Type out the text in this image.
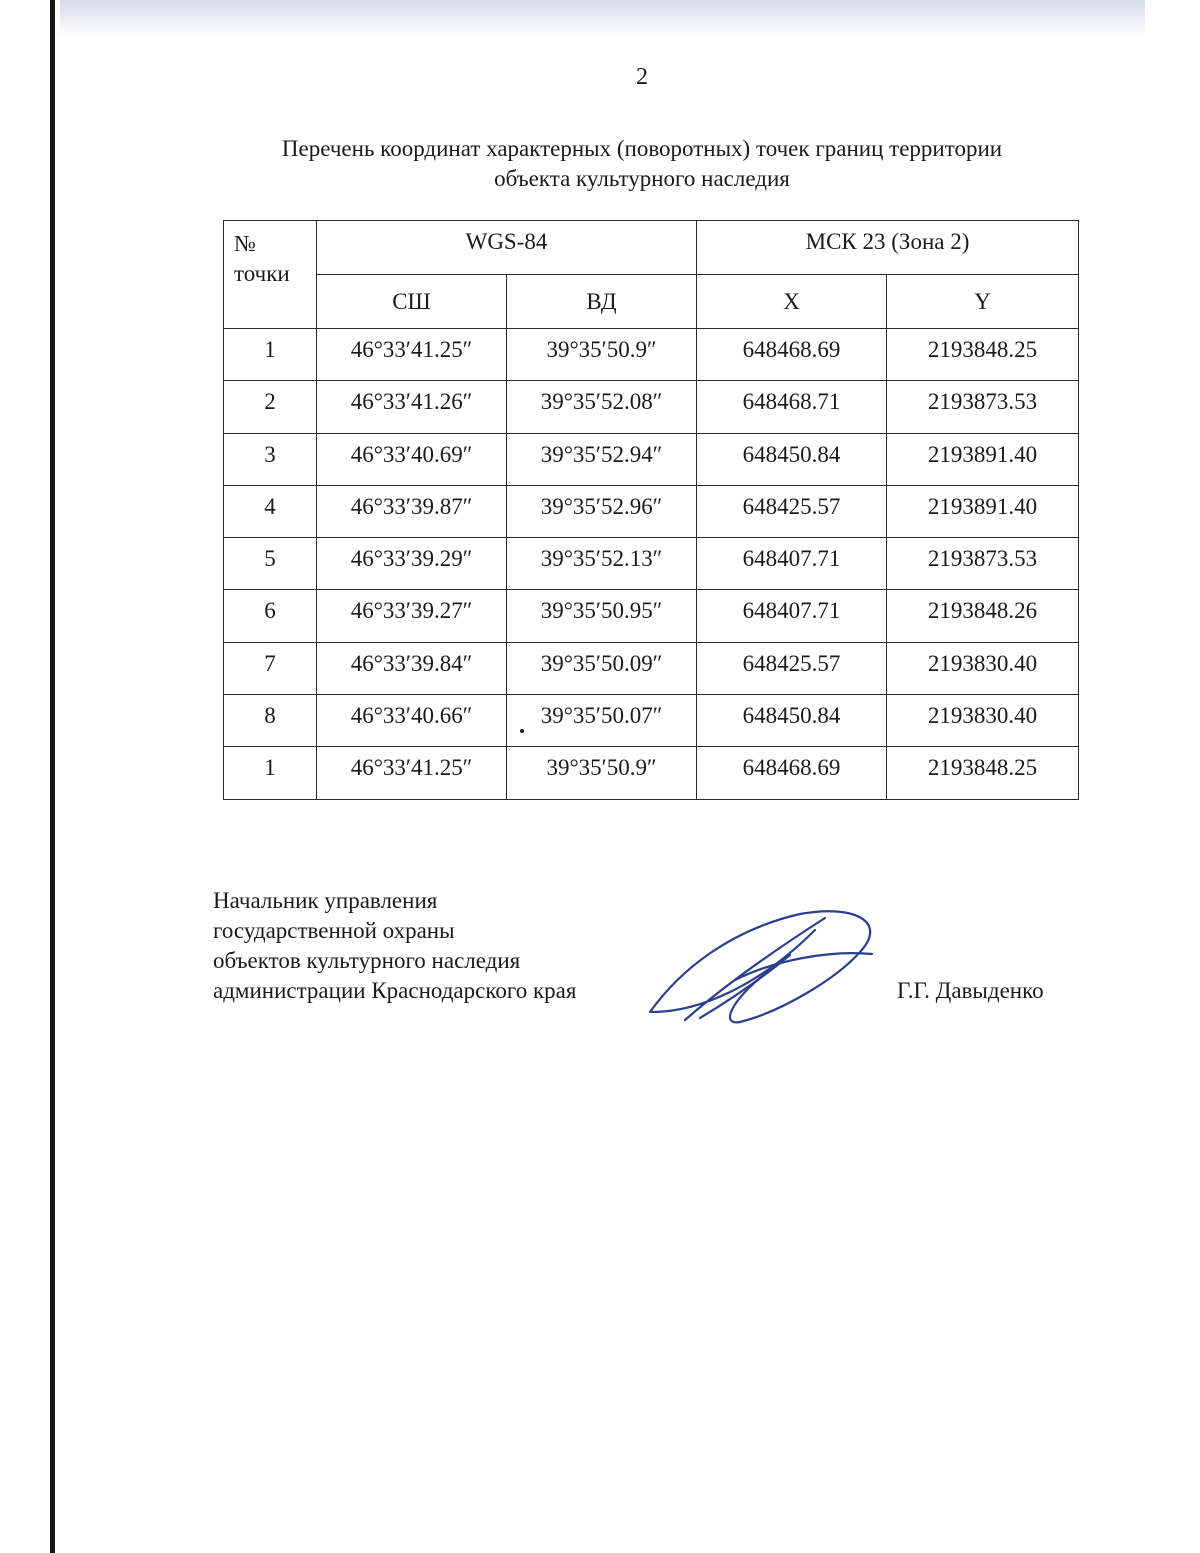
2
Перечень координат характерных (поворотных) точек границ территории
объекта культурного наследия
№
точки	WGS-84		МСК 23 (Зона 2)	
	СШ	ВД	X	Y
1	46°33′41.25″	39°35′50.9″	648468.69	2193848.25
2	46°33′41.26″	39°35′52.08″	648468.71	2193873.53
3	46°33′40.69″	39°35′52.94″	648450.84	2193891.40
4	46°33′39.87″	39°35′52.96″	648425.57	2193891.40
5	46°33′39.29″	39°35′52.13″	648407.71	2193873.53
6	46°33′39.27″	39°35′50.95″	648407.71	2193848.26
7	46°33′39.84″	39°35′50.09″	648425.57	2193830.40
8	46°33′40.66″	39°35′50.07″	648450.84	2193830.40
1	46°33′41.25″	39°35′50.9″	648468.69	2193848.25
Начальник управления
государственной охраны
объектов культурного наследия
администрации Краснодарского края	Г.Г. Давыденко
